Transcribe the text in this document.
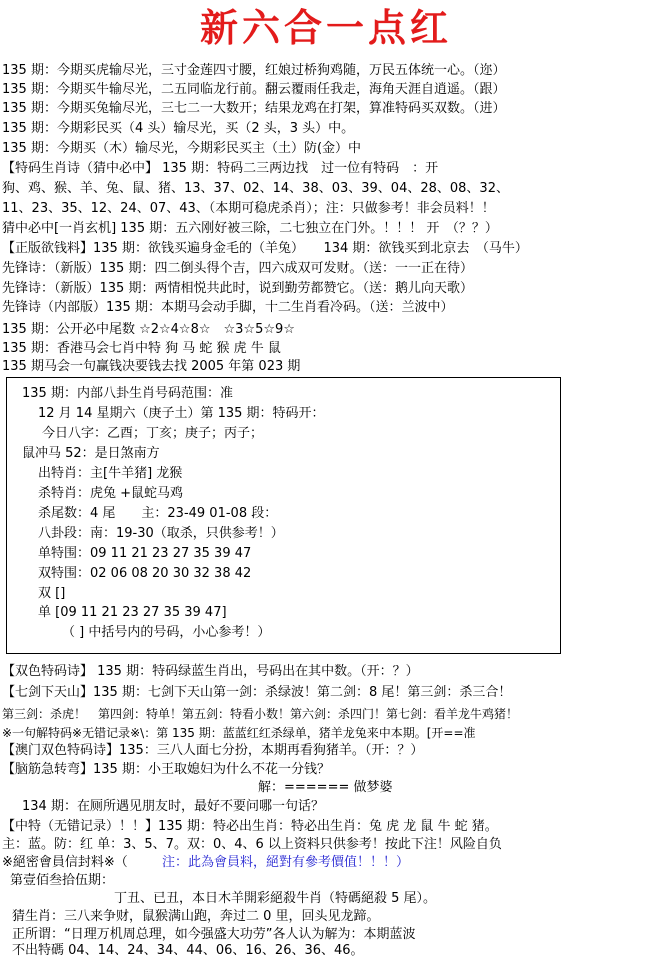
新六合一点红
135 期：今期买虎输尽光，三寸金莲四寸腰，红娘过桥狗鸡随，万民五体统一心。（迩）
135 期：今期买牛输尽光，二五同临龙行前。翻云覆雨任我走，海角天涯自逍遥。（跟）
135 期：今期买兔输尽光，三七二一大数开；结果龙鸡在打架，算准特码买双数。（进）
135 期：今期彩民买（4 头）输尽光，买（2 头，3 头）中。
135 期：今期买（木）输尽光，今期彩民买主（土）防(金）中
【特码生肖诗（猜中必中】 135 期：特码二三两边找　过一位有特码　：开
狗、鸡、猴、羊、兔、鼠、猪、13、37、02、14、38、03、39、04、28、08、32、
11、23、35、12、24、07、43、（本期可稳虎杀肖）；注：只做参考！非会员料！！
猜中必中[一肖玄机] 135 期：五六刚好被三除，二七独立在门外。！！！ 开　（？？）
【正版欲钱料】135 期：欲钱买遍身金毛的（羊兔）　　134 期：欲钱买到北京去　（马牛）
先锋诗：（新版）135 期：四二倒头得个吉，四六成双可发财。（送：一一正在待）
先锋诗：（新版）135 期：两情相悦共此时，说到勤劳都赞它。（送：鹅儿向天歌）
先锋诗（内部版）135 期：本期马会动手脚，十二生肖看冷码。（送：兰波中）
135 期：公开必中尾数 ☆2☆4☆8☆　☆3☆5☆9☆
135 期：香港马会七肖中特 狗 马 蛇 猴 虎 牛 鼠
135 期马会一句赢钱决要钱去找 2005 年第 023 期
135 期：内部八卦生肖号码范围：准
12 月 14 星期六（庚子土）第 135 期：特码开：
今日八字：乙酉；丁亥；庚子；丙子；
鼠冲马 52：是日煞南方
出特肖：主[牛羊猪] 龙猴
杀特肖：虎兔 +鼠蛇马鸡
杀尾数：4 尾　　主：23-49 01-08 段：
八卦段：南：19-30（取杀，只供参考！）
单特围：09 11 21 23 27 35 39 47
双特围：02 06 08 20 30 32 38 42
双 []
单 [09 11 21 23 27 35 39 47]
（ ] 中括号内的号码，小心参考！）
【双色特码诗】 135 期：特码绿蓝生肖出，号码出在其中数。（开：？）
【七剑下天山】135 期：七剑下天山第一剑：杀绿波！第二剑：8 尾！第三剑：杀三合！
第三剑：杀虎！　第四剑：特单！第五剑：特看小数！第六剑：杀四门！第七剑：看羊龙牛鸡猪！
※一句解特码※无错记录※\：第 135 期：蓝蓝红红杀绿单，猪羊龙兔来中本期。[开==准
【澳门双色特码诗】135：三八人面七分扮，本期再看狗猪羊。（开：？）
【脑筋急转弯】135 期：小王取媳妇为什么不花一分钱？
解：====== 做梦婆
134 期：在厕所遇见朋友时，最好不要问哪一句话？
【中特（无错记录）！！】135 期：特必出生肖：特必出生肖：兔 虎 龙 鼠 牛 蛇 猪。
主：蓝。防：红 单：3、5、7。双：0、4、6 以上资料只供参考！按此下注！风险自负
※絕密會員信封料※（	注：此為會員料，絕對有參考價值！！！）
第壹佰叁拾伍期：
丁丑、已丑，本日木羊開彩絕殺牛肖（特碼絕殺 5 尾）。
猜生肖：三八来争财，鼠猴满山跑，奔过二 0 里，回头见龙蹄。
正所谓：“日理万机周总理，如今强盛大功劳”各人认为解为：本期蓝波
不出特碼 04、14、24、34、44、06、16、26、36、46。
